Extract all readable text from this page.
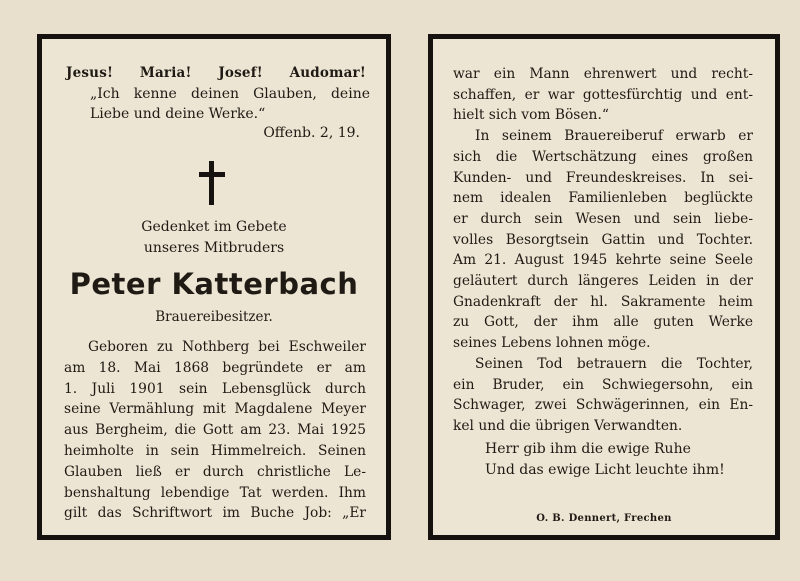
Jesus! Maria! Josef! Audomar!
„Ich kenne deinen Glauben, deine Liebe und deine Werke.“
Offenb. 2, 19.
Gedenket im Gebete
unseres Mitbruders
Peter Katterbach
Brauereibesitzer.
Geboren zu Nothberg bei Eschweiler
am 18. Mai 1868 begründete er am
1. Juli 1901 sein Lebensglück durch
seine Vermählung mit Magdalene Meyer
aus Bergheim, die Gott am 23. Mai 1925
heimholte in sein Himmelreich. Seinen
Glauben ließ er durch christliche Le-
benshaltung lebendige Tat werden. Ihm
gilt das Schriftwort im Buche Job: „Er
war ein Mann ehrenwert und recht-
schaffen, er war gottesfürchtig und ent-
hielt sich vom Bösen.“
In seinem Brauereiberuf erwarb er
sich die Wertschätzung eines großen
Kunden- und Freundeskreises. In sei-
nem idealen Familienleben beglückte
er durch sein Wesen und sein liebe-
volles Besorgtsein Gattin und Tochter.
Am 21. August 1945 kehrte seine Seele
geläutert durch längeres Leiden in der
Gnadenkraft der hl. Sakramente heim
zu Gott, der ihm alle guten Werke
seines Lebens lohnen möge.
Seinen Tod betrauern die Tochter,
ein Bruder, ein Schwiegersohn, ein
Schwager, zwei Schwägerinnen, ein En-
kel und die übrigen Verwandten.
Herr gib ihm die ewige Ruhe
Und das ewige Licht leuchte ihm!
O. B. Dennert, Frechen
